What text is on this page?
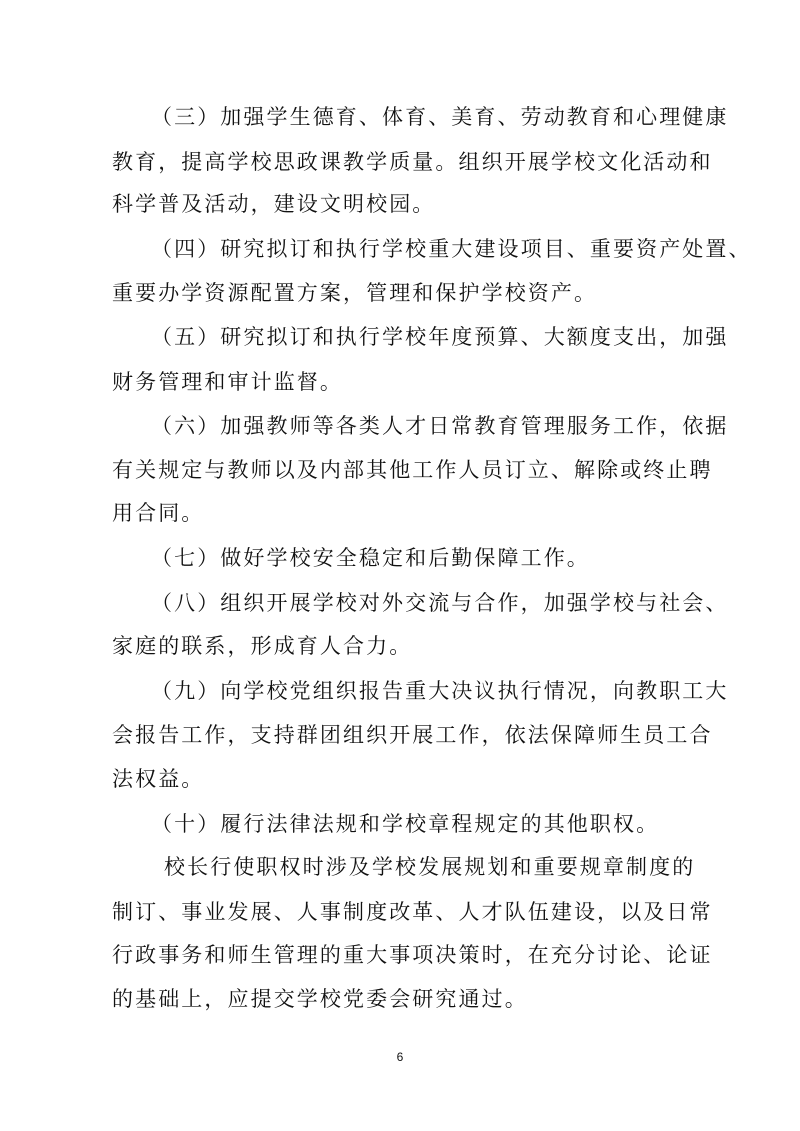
（三）加强学生德育、体育、美育、劳动教育和心理健康
教育，提高学校思政课教学质量。组织开展学校文化活动和
科学普及活动，建设文明校园。
（四）研究拟订和执行学校重大建设项目、重要资产处置、
重要办学资源配置方案，管理和保护学校资产。
（五）研究拟订和执行学校年度预算、大额度支出，加强
财务管理和审计监督。
（六）加强教师等各类人才日常教育管理服务工作，依据
有关规定与教师以及内部其他工作人员订立、解除或终止聘
用合同。
（七）做好学校安全稳定和后勤保障工作。
（八）组织开展学校对外交流与合作，加强学校与社会、
家庭的联系，形成育人合力。
（九）向学校党组织报告重大决议执行情况，向教职工大
会报告工作，支持群团组织开展工作，依法保障师生员工合
法权益。
（十）履行法律法规和学校章程规定的其他职权。
校长行使职权时涉及学校发展规划和重要规章制度的
制订、事业发展、人事制度改革、人才队伍建设，以及日常
行政事务和师生管理的重大事项决策时，在充分讨论、论证
的基础上，应提交学校党委会研究通过。
6
